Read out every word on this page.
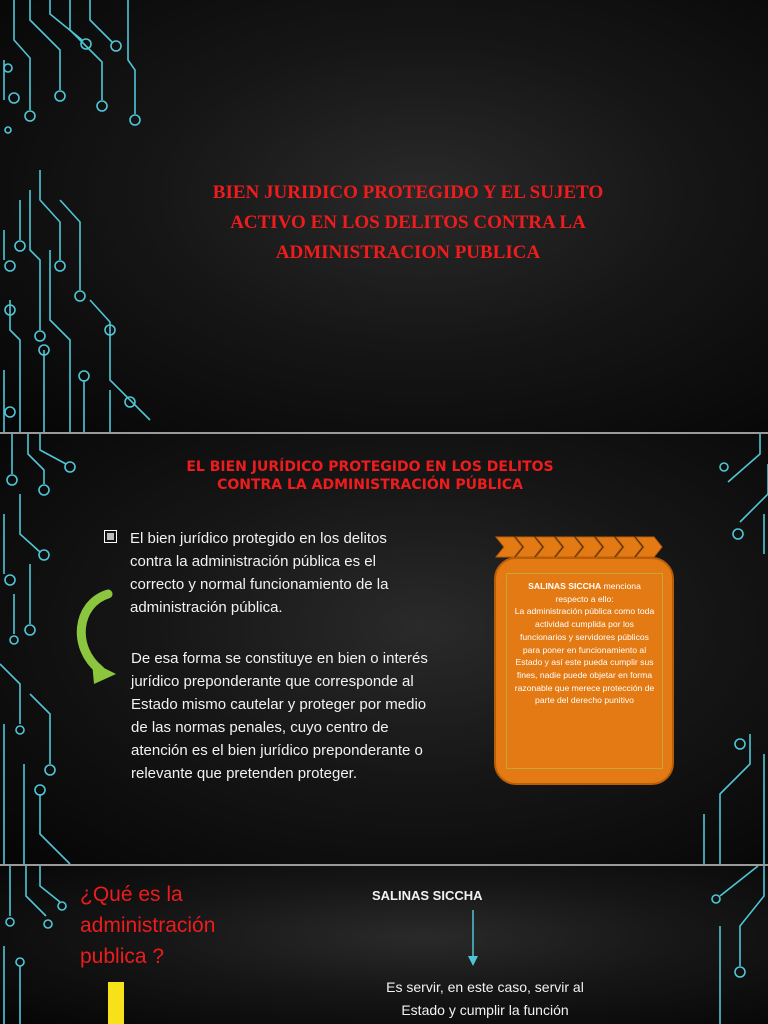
BIEN JURIDICO PROTEGIDO Y EL SUJETO
ACTIVO EN LOS DELITOS CONTRA LA
ADMINISTRACION PUBLICA
EL BIEN JURÍDICO PROTEGIDO EN LOS DELITOS
CONTRA LA ADMINISTRACIÓN PÚBLICA
El bien jurídico protegido en los delitos contra la administración pública es el correcto y normal funcionamiento de la administración pública.
De esa forma se constituye en bien o interés jurídico preponderante que corresponde al Estado mismo cautelar y proteger por medio de las normas penales, cuyo centro de atención es el bien jurídico preponderante o relevante que pretenden proteger.
SALINAS SICCHA menciona respecto a ello:
La administración pública como toda actividad cumplida por los funcionarios y servidores públicos para poner en funcionamiento al Estado y así este pueda cumplir sus fines, nadie puede objetar en forma razonable que merece protección de parte del derecho punitivo
¿Qué es la
administración
publica ?
SALINAS SICCHA
Es servir, en este caso, servir al
Estado y cumplir la función
